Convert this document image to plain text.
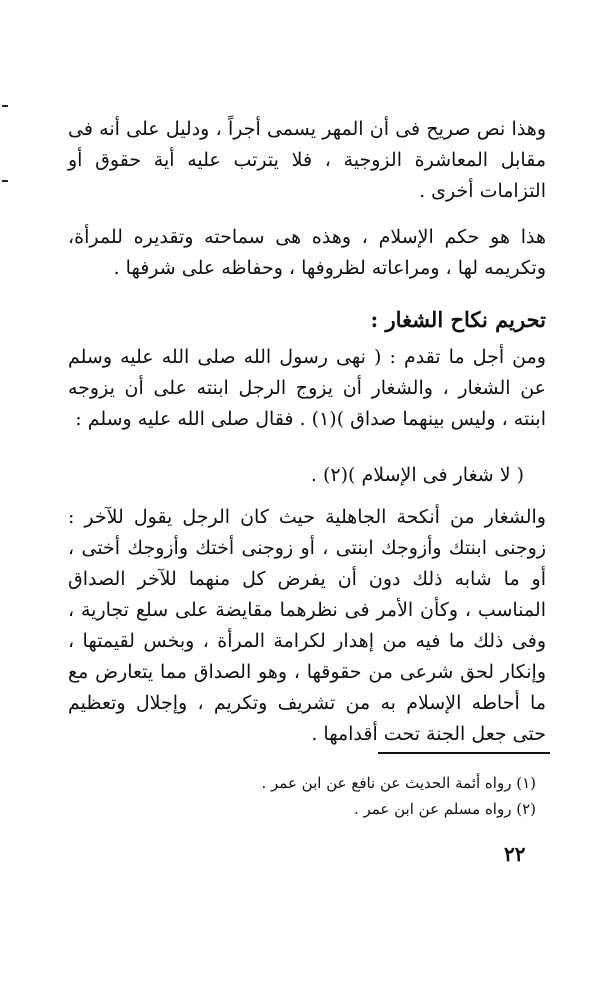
وهذا نص صريح فى أن المهر يسمى أجراً ، ودليل على أنه فى مقابل المعاشرة الزوجية ، فلا يترتب عليه أية حقوق أو التزامات أخرى .

هذا هو حكم الإسلام ، وهذه هى سماحته وتقديره للمرأة، وتكريمه لها ، ومراعاته لظروفها ، وحفاظه على شرفها .

تحريم نكاح الشغار :

ومن أجل ما تقدم : ( نهى رسول الله صلى الله عليه وسلم عن الشغار ، والشغار أن يزوج الرجل ابنته على أن يزوجه ابنته ، وليس بينهما صداق )(١) . فقال صلى الله عليه وسلم :

( لا شغار فى الإسلام )(٢) .

والشغار من أنكحة الجاهلية حيث كان الرجل يقول للآخر : زوجنى ابنتك وأزوجك ابنتى ، أو زوجنى أختك وأزوجك أختى ، أو ما شابه ذلك دون أن يفرض كل منهما للآخر الصداق المناسب ، وكأن الأمر فى نظرهما مقايضة على سلع تجارية ، وفى ذلك ما فيه من إهدار لكرامة المرأة ، وبخس لقيمتها ، وإنكار لحق شرعى من حقوقها ، وهو الصداق مما يتعارض مع ما أحاطه الإسلام به من تشريف وتكريم ، وإجلال وتعظيم حتى جعل الجنة تحت أقدامها .

(١) رواه أئمة الحديث عن نافع عن ابن عمر .

(٢) رواه مسلم عن ابن عمر .

٢٢
